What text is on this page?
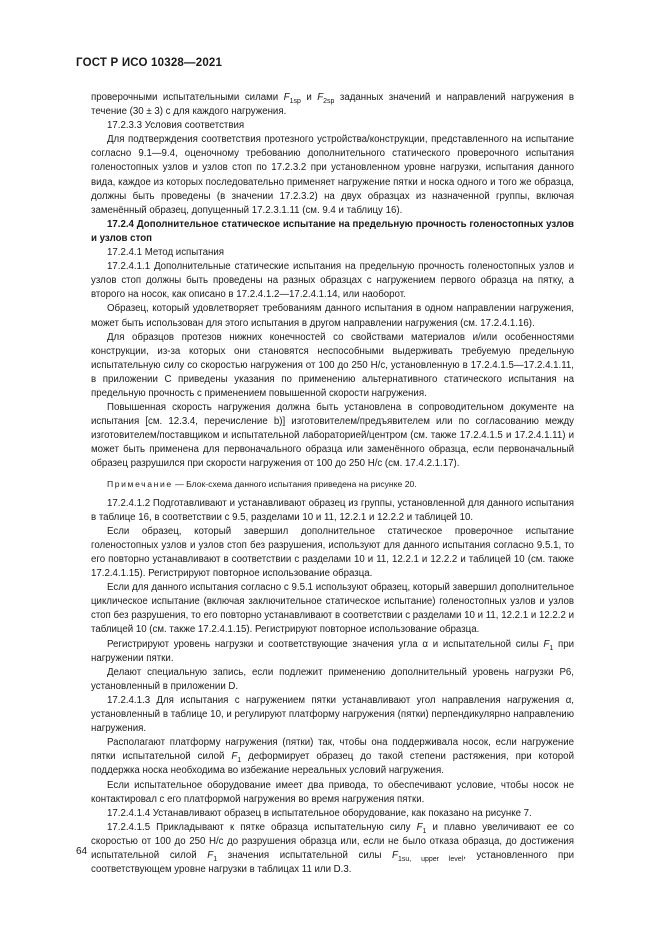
ГОСТ Р ИСО 10328—2021

проверочными испытательными силами $F_{1sp}$ и $F_{2sp}$ заданных значений и направлений нагружения в течение (30 ± 3) с для каждого нагружения.

17.2.3.3 Условия соответствия

Для подтверждения соответствия протезного устройства/конструкции, представленного на испытание согласно 9.1—9.4, оценочному требованию дополнительного статического проверочного испытания голеностопных узлов и узлов стоп по 17.2.3.2 при установленном уровне нагрузки, испытания данного вида, каждое из которых последовательно применяет нагружение пятки и носка одного и того же образца, должны быть проведены (в значении 17.2.3.2) на двух образцах из назначенной группы, включая заменённый образец, допущенный 17.2.3.1.11 (см. 9.4 и таблицу 16).

17.2.4 Дополнительное статическое испытание на предельную прочность голеностопных узлов и узлов стоп

17.2.4.1 Метод испытания

17.2.4.1.1 Дополнительные статические испытания на предельную прочность голеностопных узлов и узлов стоп должны быть проведены на разных образцах с нагружением первого образца на пятку, а второго на носок, как описано в 17.2.4.1.2—17.2.4.1.14, или наоборот.

Образец, который удовлетворяет требованиям данного испытания в одном направлении нагружения, может быть использован для этого испытания в другом направлении нагружения (см. 17.2.4.1.16).

Для образцов протезов нижних конечностей со свойствами материалов и/или особенностями конструкции, из-за которых они становятся неспособными выдерживать требуемую предельную испытательную силу со скоростью нагружения от 100 до 250 Н/с, установленную в 17.2.4.1.5—17.2.4.1.11, в приложении С приведены указания по применению альтернативного статического испытания на предельную прочность с применением повышенной скорости нагружения.

Повышенная скорость нагружения должна быть установлена в сопроводительном документе на испытания [см. 12.3.4, перечисление b)] изготовителем/предъявителем или по согласованию между изготовителем/поставщиком и испытательной лабораторией/центром (см. также 17.2.4.1.5 и 17.2.4.1.11) и может быть применена для первоначального образца или заменённого образца, если первоначальный образец разрушился при скорости нагружения от 100 до 250 Н/с (см. 17.4.2.1.17).

Примечание — Блок-схема данного испытания приведена на рисунке 20.

17.2.4.1.2 Подготавливают и устанавливают образец из группы, установленной для данного испытания в таблице 16, в соответствии с 9.5, разделами 10 и 11, 12.2.1 и 12.2.2 и таблицей 10.

Если образец, который завершил дополнительное статическое проверочное испытание голеностопных узлов и узлов стоп без разрушения, используют для данного испытания согласно 9.5.1, то его повторно устанавливают в соответствии с разделами 10 и 11, 12.2.1 и 12.2.2 и таблицей 10 (см. также 17.2.4.1.15). Регистрируют повторное использование образца.

Если для данного испытания согласно с 9.5.1 используют образец, который завершил дополнительное циклическое испытание (включая заключительное статическое испытание) голеностопных узлов и узлов стоп без разрушения, то его повторно устанавливают в соответствии с разделами 10 и 11, 12.2.1 и 12.2.2 и таблицей 10 (см. также 17.2.4.1.15). Регистрируют повторное использование образца.

Регистрируют уровень нагрузки и соответствующие значения угла α и испытательной силы $F_1$ при нагружении пятки.

Делают специальную запись, если подлежит применению дополнительный уровень нагрузки Р6, установленный в приложении D.

17.2.4.1.3 Для испытания с нагружением пятки устанавливают угол направления нагружения α, установленный в таблице 10, и регулируют платформу нагружения (пятки) перпендикулярно направлению нагружения.

Располагают платформу нагружения (пятки) так, чтобы она поддерживала носок, если нагружение пятки испытательной силой $F_1$ деформирует образец до такой степени растяжения, при которой поддержка носка необходима во избежание нереальных условий нагружения.

Если испытательное оборудование имеет два привода, то обеспечивают условие, чтобы носок не контактировал с его платформой нагружения во время нагружения пятки.

17.2.4.1.4 Устанавливают образец в испытательное оборудование, как показано на рисунке 7.

17.2.4.1.5 Прикладывают к пятке образца испытательную силу $F_1$ и плавно увеличивают ее со скоростью от 100 до 250 Н/с до разрушения образца или, если не было отказа образца, до достижения испытательной силой $F_1$ значения испытательной силы $F_{1su, upper level}$, установленного при соответствующем уровне нагрузки в таблицах 11 или D.3.

64
